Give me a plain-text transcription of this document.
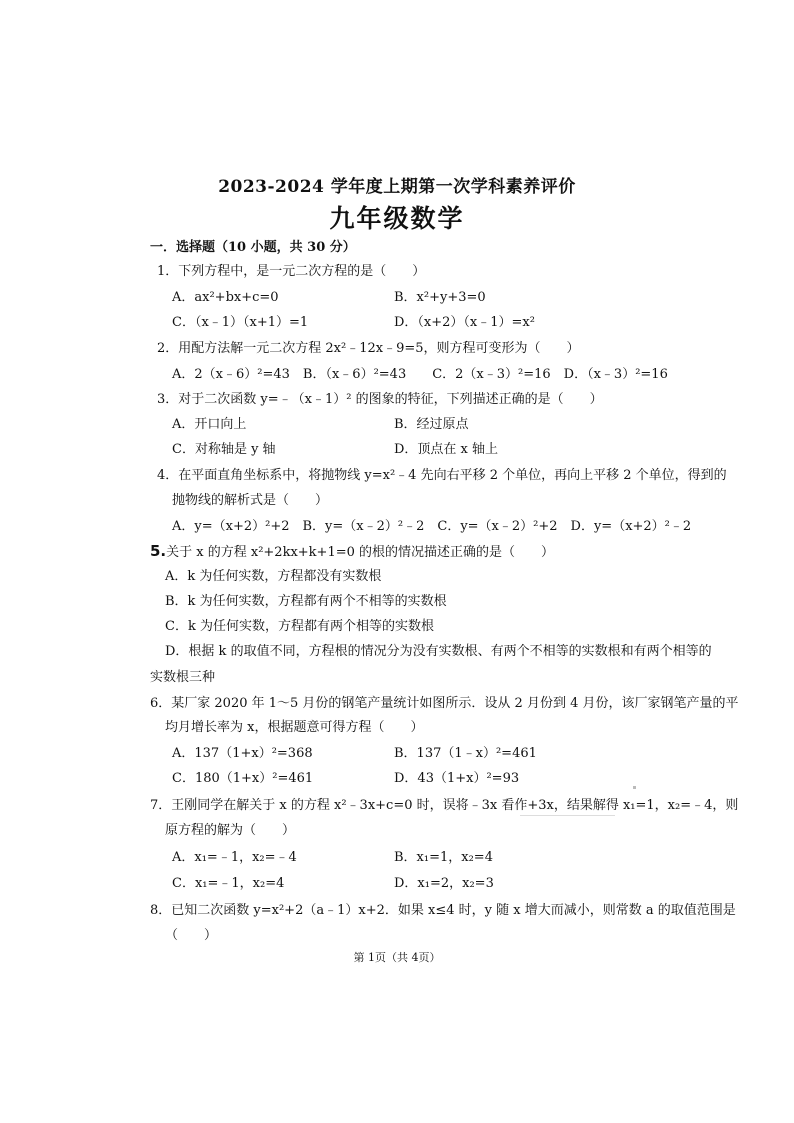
2023-2024 学年度上期第一次学科素养评价
九年级数学
一．选择题（10 小题，共 30 分）
1．下列方程中，是一元二次方程的是（　　）
A．ax²+bx+c=0	B．x²+y+3=0
C．（x﹣1）（x+1）=1	D．（x+2）（x﹣1）=x²
2．用配方法解一元二次方程 2x²﹣12x﹣9=5，则方程可变形为（　　）
A．2（x﹣6）²=43　B．（x﹣6）²=43　　C．2（x﹣3）²=16　D．（x﹣3）²=16
3．对于二次函数 y=﹣（x﹣1）² 的图象的特征，下列描述正确的是（　　）
A．开口向上	B．经过原点
C．对称轴是 y 轴	D．顶点在 x 轴上
4．在平面直角坐标系中，将抛物线 y=x²﹣4 先向右平移 2 个单位，再向上平移 2 个单位，得到的
抛物线的解析式是（　　）
A．y=（x+2）²+2　B．y=（x﹣2）²﹣2　C．y=（x﹣2）²+2　D．y=（x+2）²﹣2
5.关于 x 的方程 x²+2kx+k+1=0 的根的情况描述正确的是（　　）
A．k 为任何实数，方程都没有实数根
B．k 为任何实数，方程都有两个不相等的实数根
C．k 为任何实数，方程都有两个相等的实数根
D．根据 k 的取值不同，方程根的情况分为没有实数根、有两个不相等的实数根和有两个相等的
实数根三种
6．某厂家 2020 年 1～5 月份的钢笔产量统计如图所示．设从 2 月份到 4 月份，该厂家钢笔产量的平
均月增长率为 x，根据题意可得方程（　　）
A．137（1+x）²=368	B．137（1﹣x）²=461
C．180（1+x）²=461	D．43（1+x）²=93
7．王刚同学在解关于 x 的方程 x²﹣3x+c=0 时，误将﹣3x 看作+3x，结果解得 x₁=1，x₂=﹣4，则
原方程的解为（　　）
A．x₁=﹣1，x₂=﹣4	B．x₁=1，x₂=4
C．x₁=﹣1，x₂=4	D．x₁=2，x₂=3
8．已知二次函数 y=x²+2（a﹣1）x+2．如果 x≤4 时，y 随 x 增大而减小，则常数 a 的取值范围是
（　　）
第 1页（共 4页）
